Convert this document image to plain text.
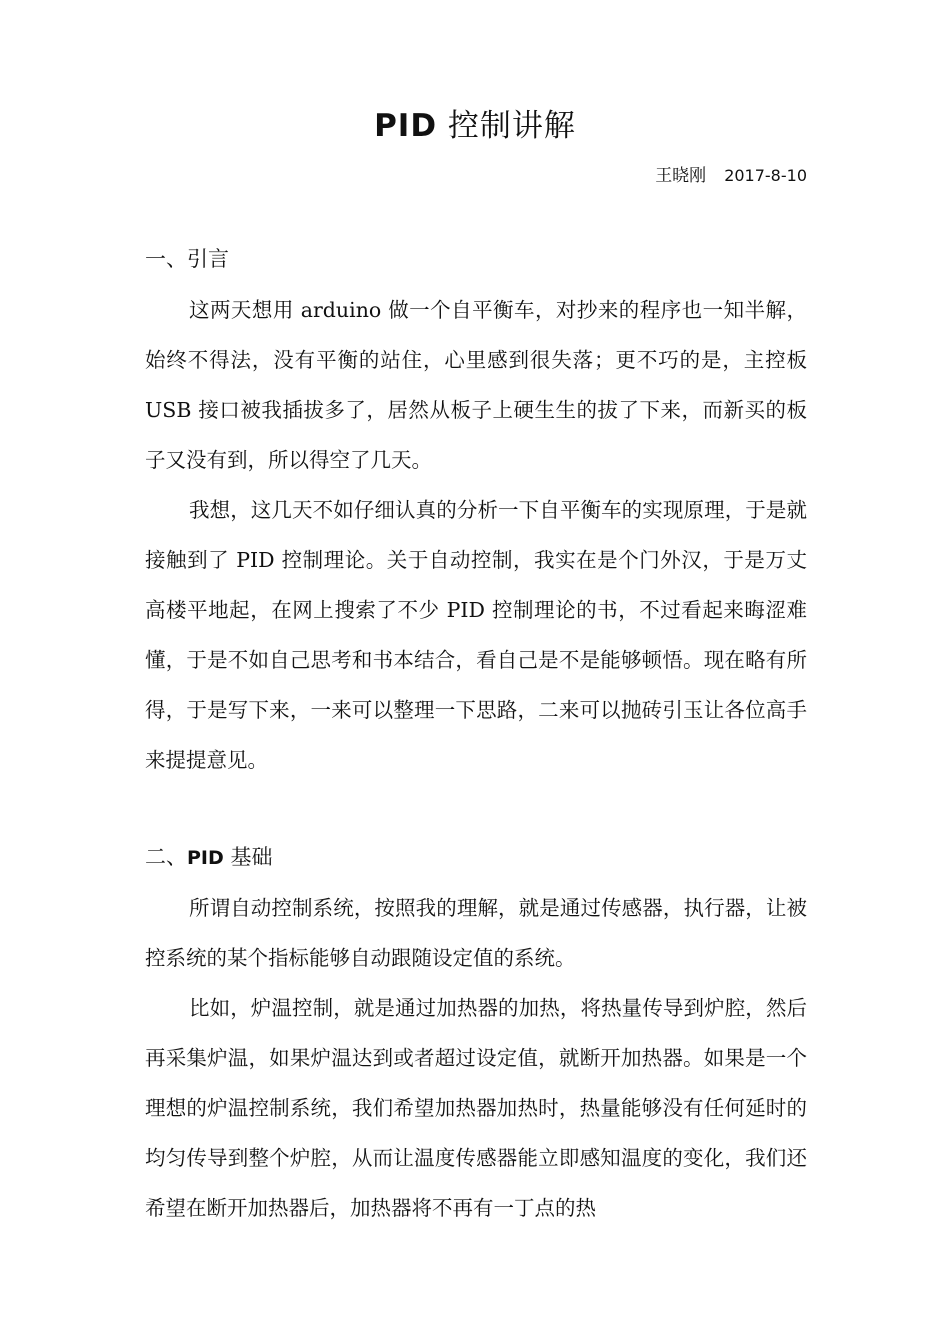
PID 控制讲解
王晓刚 2017-8-10
一、引言
这两天想用 arduino 做一个自平衡车，对抄来的程序也一知半解，始终不得法，没有平衡的站住，心里感到很失落；更不巧的是，主控板 USB 接口被我插拔多了，居然从板子上硬生生的拔了下来，而新买的板子又没有到，所以得空了几天。
我想，这几天不如仔细认真的分析一下自平衡车的实现原理，于是就接触到了 PID 控制理论。关于自动控制，我实在是个门外汉，于是万丈高楼平地起，在网上搜索了不少 PID 控制理论的书，不过看起来晦涩难懂，于是不如自己思考和书本结合，看自己是不是能够顿悟。现在略有所得，于是写下来，一来可以整理一下思路，二来可以抛砖引玉让各位高手来提提意见。
二、PID 基础
所谓自动控制系统，按照我的理解，就是通过传感器，执行器，让被控系统的某个指标能够自动跟随设定值的系统。
比如，炉温控制，就是通过加热器的加热，将热量传导到炉腔，然后再采集炉温，如果炉温达到或者超过设定值，就断开加热器。如果是一个理想的炉温控制系统，我们希望加热器加热时，热量能够没有任何延时的均匀传导到整个炉腔，从而让温度传感器能立即感知温度的变化，我们还希望在断开加热器后，加热器将不再有一丁点的热
